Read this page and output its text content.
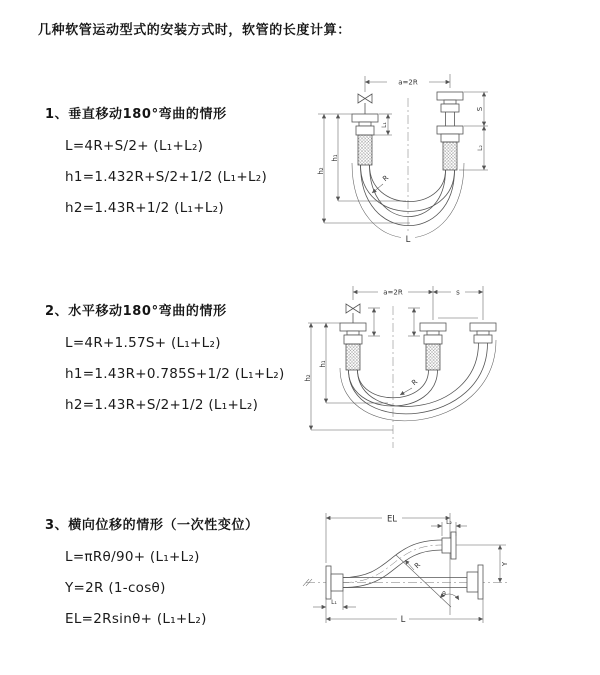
几种软管运动型式的安装方式时，软管的长度计算：
1、垂直移动180°弯曲的情形
L=4R+S/2+ (L₁+L₂)
h1=1.432R+S/2+1/2 (L₁+L₂)
h2=1.43R+1/2 (L₁+L₂)
2、水平移动180°弯曲的情形
L=4R+1.57S+ (L₁+L₂)
h1=1.43R+0.785S+1/2 (L₁+L₂)
h2=1.43R+S/2+1/2 (L₁+L₂)
3、横向位移的情形（一次性变位）
L=πRθ/90+ (L₁+L₂)
Y=2R (1-cosθ)
EL=2Rsinθ+ (L₁+L₂)
a=2R
L₁
S
L₂
h₁
h₂
R
L
a=2R	s
h₁
h₂	R
EL	L₂
Y
θ
R
L
L₁
